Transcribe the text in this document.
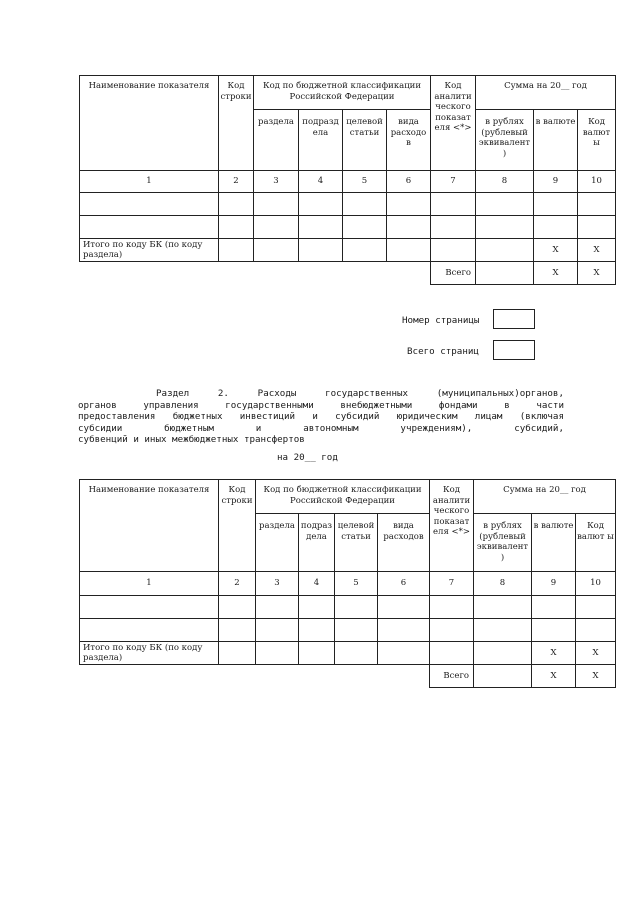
Наименование показателя	Код строки	Код по бюджетной классификации Российской Федерации				Код аналити ческого показат еля <*>	Сумма на 20__ год		
		раздела	подразд ела	целевой статьи	вида расходо в		в рублях (рублевый эквивалент )	в валюте	Код валют ы
1	2	3	4	5	6	7	8	9	10

Итого по коду БК (по коду раздела)								X	X
						Всего		X	X
Номер страницы
Всего страниц

Раздел 2. Расходы государственных (муниципальных)органов,

органов управления государственными внебюджетными фондами в части

предоставления бюджетных инвестиций и субсидий юридическим лицам (включая

субсидии бюджетным и автономным учреждениям), субсидий,

субвенций и иных межбюджетных трансфертов

на 20__ год
Наименование показателя	Код строки	Код по бюджетной классификации Российской Федерации				Код аналити ческого показат еля <*>	Сумма на 20__ год		
		раздела	подраз дела	целевой статьи	вида расходов		в рублях (рублевый эквивалент )	в валюте	Код валют ы
1	2	3	4	5	6	7	8	9	10

Итого по коду БК (по коду раздела)								X	X
						Всего		X	X
